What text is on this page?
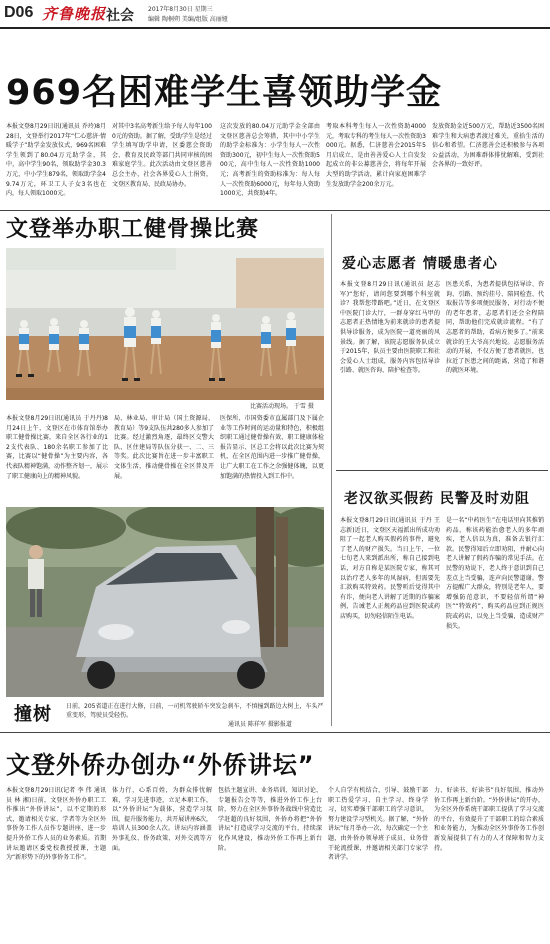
D06 齐鲁晚报 社会 2017年8月30日 星期三
编辑 陶桐朔 美编/组版 高丽娅
969名困难学生喜领助学金
本报文登8月29日讯(通讯员 乔玲)8月28日，文登举行2017年“仁心慈济·情暖学子”助学金发放仪式，969名困难学生领到了80.04万元助学金，其中，高中学生90名，领取助学金30.3万元，中小学生879名，领取助学金49.74万元，环卫工人子女3名也在内，每人领取1000元。
对其中3名高考新生给予每人每年1000元的资助。据了解，受助学生是经过学生填写助学申请，区委慈会资助会、教育及民政等部门共同审核的困难家庭学生。此次活动由文登区慈善总会主办，社会各界爱心人士捐资，文登区教育局、民政局协办。
这次发放的80.04万元助学金全部由文登区慈善总会筹措，其中中小学生的助学金标准为：小学生每人一次性资助300元，初中生每人一次性资助500元，高中生每人一次性资助1000元；高考新生的资助标准为：每人每人一次性资助6000元，每年每人资助1000元，共资助4年。
考取本科考生每人一次性资助4000元，考取专科的考生每人一次性资助3000元。据悉，仁济慈善会2015年5月启成立，是由善善爱心人士自发发起成立的非公募慈善会，将每年开展大型的助学活动，累计向家庭困难学生发放助学金200余万元。
发放资助金近500万元，帮助近3500名困难学生和大病患者渡过难关，重拾生活的信心和希望。仁济慈善会还积极参与各项公益活动，为困难群体排忧解难，受到社会各界的一致好评。
文登举办职工健骨操比赛
比赛活动现场。 于雪 摄
本报文登8月29日讯(通讯员 于丹丹)8月24日上午，文登区在市体育馆举办职工健骨操比赛，来自全区各行业的12支代表队、180余名职工参加了比赛，比赛以“健骨操”为主要内容，各代表队精神饱满，动作整齐划一，展示了职工健康向上的精神风貌。
局、林业局、审计局（国土资源局、教育局）等9支队伍共280多人参加了比赛。经过激烈角逐，最终区交警大队、区住建局等队伍分获一、二、三等奖。此次比赛旨在进一步丰富职工文体生活，推动健骨操在全区普及开展。
医保所、市国资委市直属部门及下属企业等工作时间的运动量和特色，积极组织职工通过健骨操有效、职工健康体检报告显示、区总工会将以此次比赛为契机，在全区范围内进一步推广健骨操，让广大职工在工作之余强健体魄，以更加饱满的热情投入到工作中。
爱心志愿者 情暖患者心
本报文登8月29日讯(通讯员 赵志军)“您好，请问您要到哪个科室就诊？我帮您带路吧。”近日，在文登区中医院门诊大厅，一群身穿红马甲的志愿者正热情地为前来就诊的患者提供导诊服务，成为医院一道亮丽的风景线。据了解，该院志愿服务队成立于2015年，队员主要由医院职工和社会爱心人士组成，服务内容包括导诊引路、就医咨询、陪护检查等。
医患关系，为患者提供包括导诊、咨询、引路、预约挂号、陪同检查、代取报告等多项便民服务，对行动不便的老年患者，志愿者们还会全程陪同，帮助他们完成就诊流程。“有了志愿者的帮助，看病方便多了。”前来就诊的王大爷高兴地说。志愿服务活动的开展，不仅方便了患者就医，也拉近了医患之间的距离，营造了和谐的就医环境。
老汉欲买假药 民警及时劝阻
本报文登8月29日讯(通讯员 于丹 王志新)近日，文登区天福派出所成功劝阻了一起老人购买假药的事件，避免了老人的财产损失。当日上午，一位七旬老人来到派出所，称自己接到电话，对方自称是某医院专家，称其可以治疗老人多年的风湿病，但需要先汇款购买特效药。民警听后觉得其中有诈，便向老人讲解了近期的诈骗案例，告诫老人正规药品应到医院或药店购买，切勿轻信陌生电话。
是一名“中药医生”在电话里向其推销药品，称该药能治愈老人的多年顽疾，老人信以为真，准备去银行汇款。民警得知后立即劝阻，并耐心向老人讲解了假药诈骗的常见手法。在民警的劝说下，老人终于意识到自己差点上当受骗，连声向民警道谢。警方提醒广大群众，特别是老年人，要增强防范意识，不要轻信所谓“神医”“特效药”，购买药品应到正规医院或药店，以免上当受骗，造成财产损失。
撞树	日前，205省道正在进行大修，日前，一司机驾驶轿车突发急刹车，不慎撞到路边大树上，车头严重变形，驾驶员受轻伤。
通讯员 陈祥军 摄影报道
文登外侨办创办“外侨讲坛”
本报文登8月29日讯(记者 李 伟 通讯员 林 湘)日前，文登区外侨办职工工作推出“外侨讲坛”，以不定期的形式，邀请相关专家、学者等为全区外事侨务工作人员作专题讲座，进一步提升外侨工作人员的业务素质。首期讲坛邀请区委党校教授授课，主题为“新形势下的外事侨务工作”。
体力行，心系百姓，为群众排忧解难，学习先进事迹，立足本职工作，以“外侨讲坛”为载体，营造学习氛围，提升服务能力，共开展讲座6次，培训人员300余人次。讲坛内容涵盖外事礼仪、侨务政策、对外交流等方面。
包括主题宣讲、业务培训、知识讨论、专题报告会等等，推进外侨工作上台阶，努力在全区外事侨务战线中营造比学赶超的良好氛围，外侨办将把“外侨讲坛”打造成学习交流的平台，持续深化作风建设，推动外侨工作再上新台阶。
个人自学有机结合，引导、鼓励干部职工热爱学习、自主学习、终身学习，切实增强干部职工的学习意识，努力建设学习型机关。据了解，“外侨讲坛”每月举办一次，每次确定一个主题，由外侨办领导班子成员、业务骨干轮流授课，并邀请相关部门专家学者讲学。
力、好读书、好读书”良好氛围，推动外侨工作再上新台阶。“外侨讲坛”的开办，为全区外侨系统干部职工提供了学习交流的平台，有效提升了干部职工的综合素质和业务能力，为推动全区外事侨务工作创新发展提供了有力的人才保障和智力支持。
